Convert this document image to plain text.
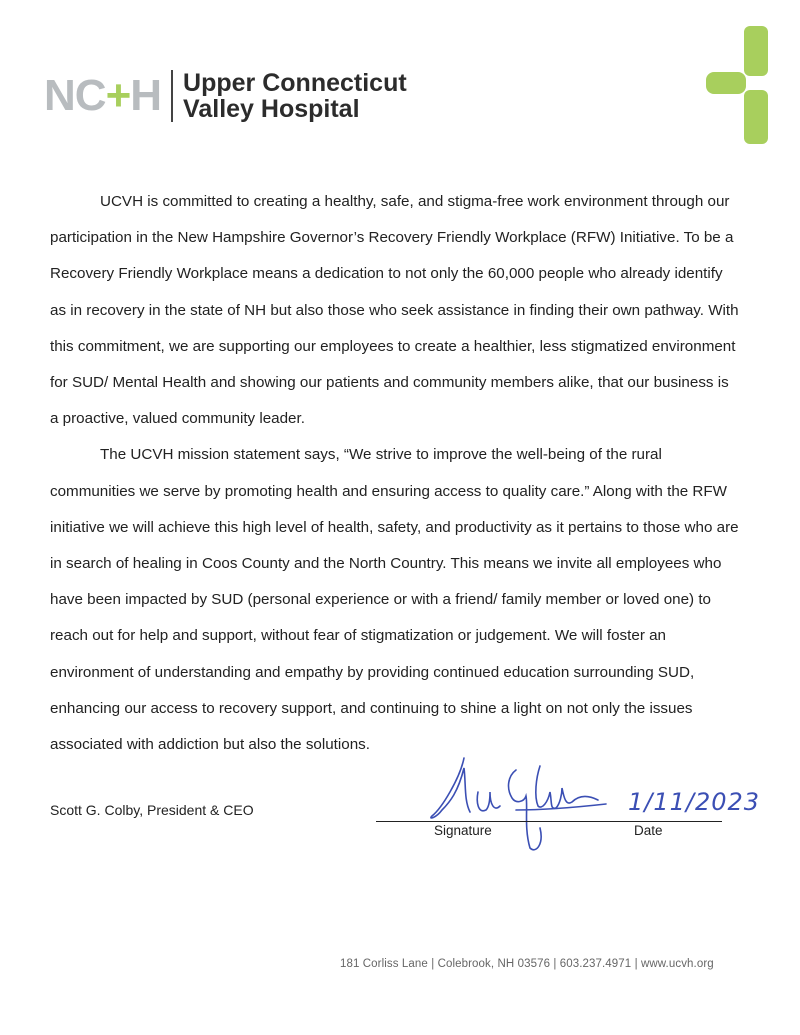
NC+H Upper Connecticut
Valley Hospital

UCVH is committed to creating a healthy, safe, and stigma-free work environment through our participation in the New Hampshire Governor’s Recovery Friendly Workplace (RFW) Initiative. To be a Recovery Friendly Workplace means a dedication to not only the 60,000 people who already identify as in recovery in the state of NH but also those who seek assistance in finding their own pathway. With this commitment, we are supporting our employees to create a healthier, less stigmatized environment for SUD/ Mental Health and showing our patients and community members alike, that our business is a proactive, valued community leader.

The UCVH mission statement says, “We strive to improve the well-being of the rural communities we serve by promoting health and ensuring access to quality care.” Along with the RFW initiative we will achieve this high level of health, safety, and productivity as it pertains to those who are in search of healing in Coos County and the North Country. This means we invite all employees who have been impacted by SUD (personal experience or with a friend/ family member or loved one) to reach out for help and support, without fear of stigmatization or judgement. We will foster an environment of understanding and empathy by providing continued education surrounding SUD, enhancing our access to recovery support, and continuing to shine a light on not only the issues associated with addiction but also the solutions.

Scott G. Colby, President & CEO	1/11/2023
Signature	Date
181 Corliss Lane | Colebrook, NH 03576 | 603.237.4971 | www.ucvh.org
